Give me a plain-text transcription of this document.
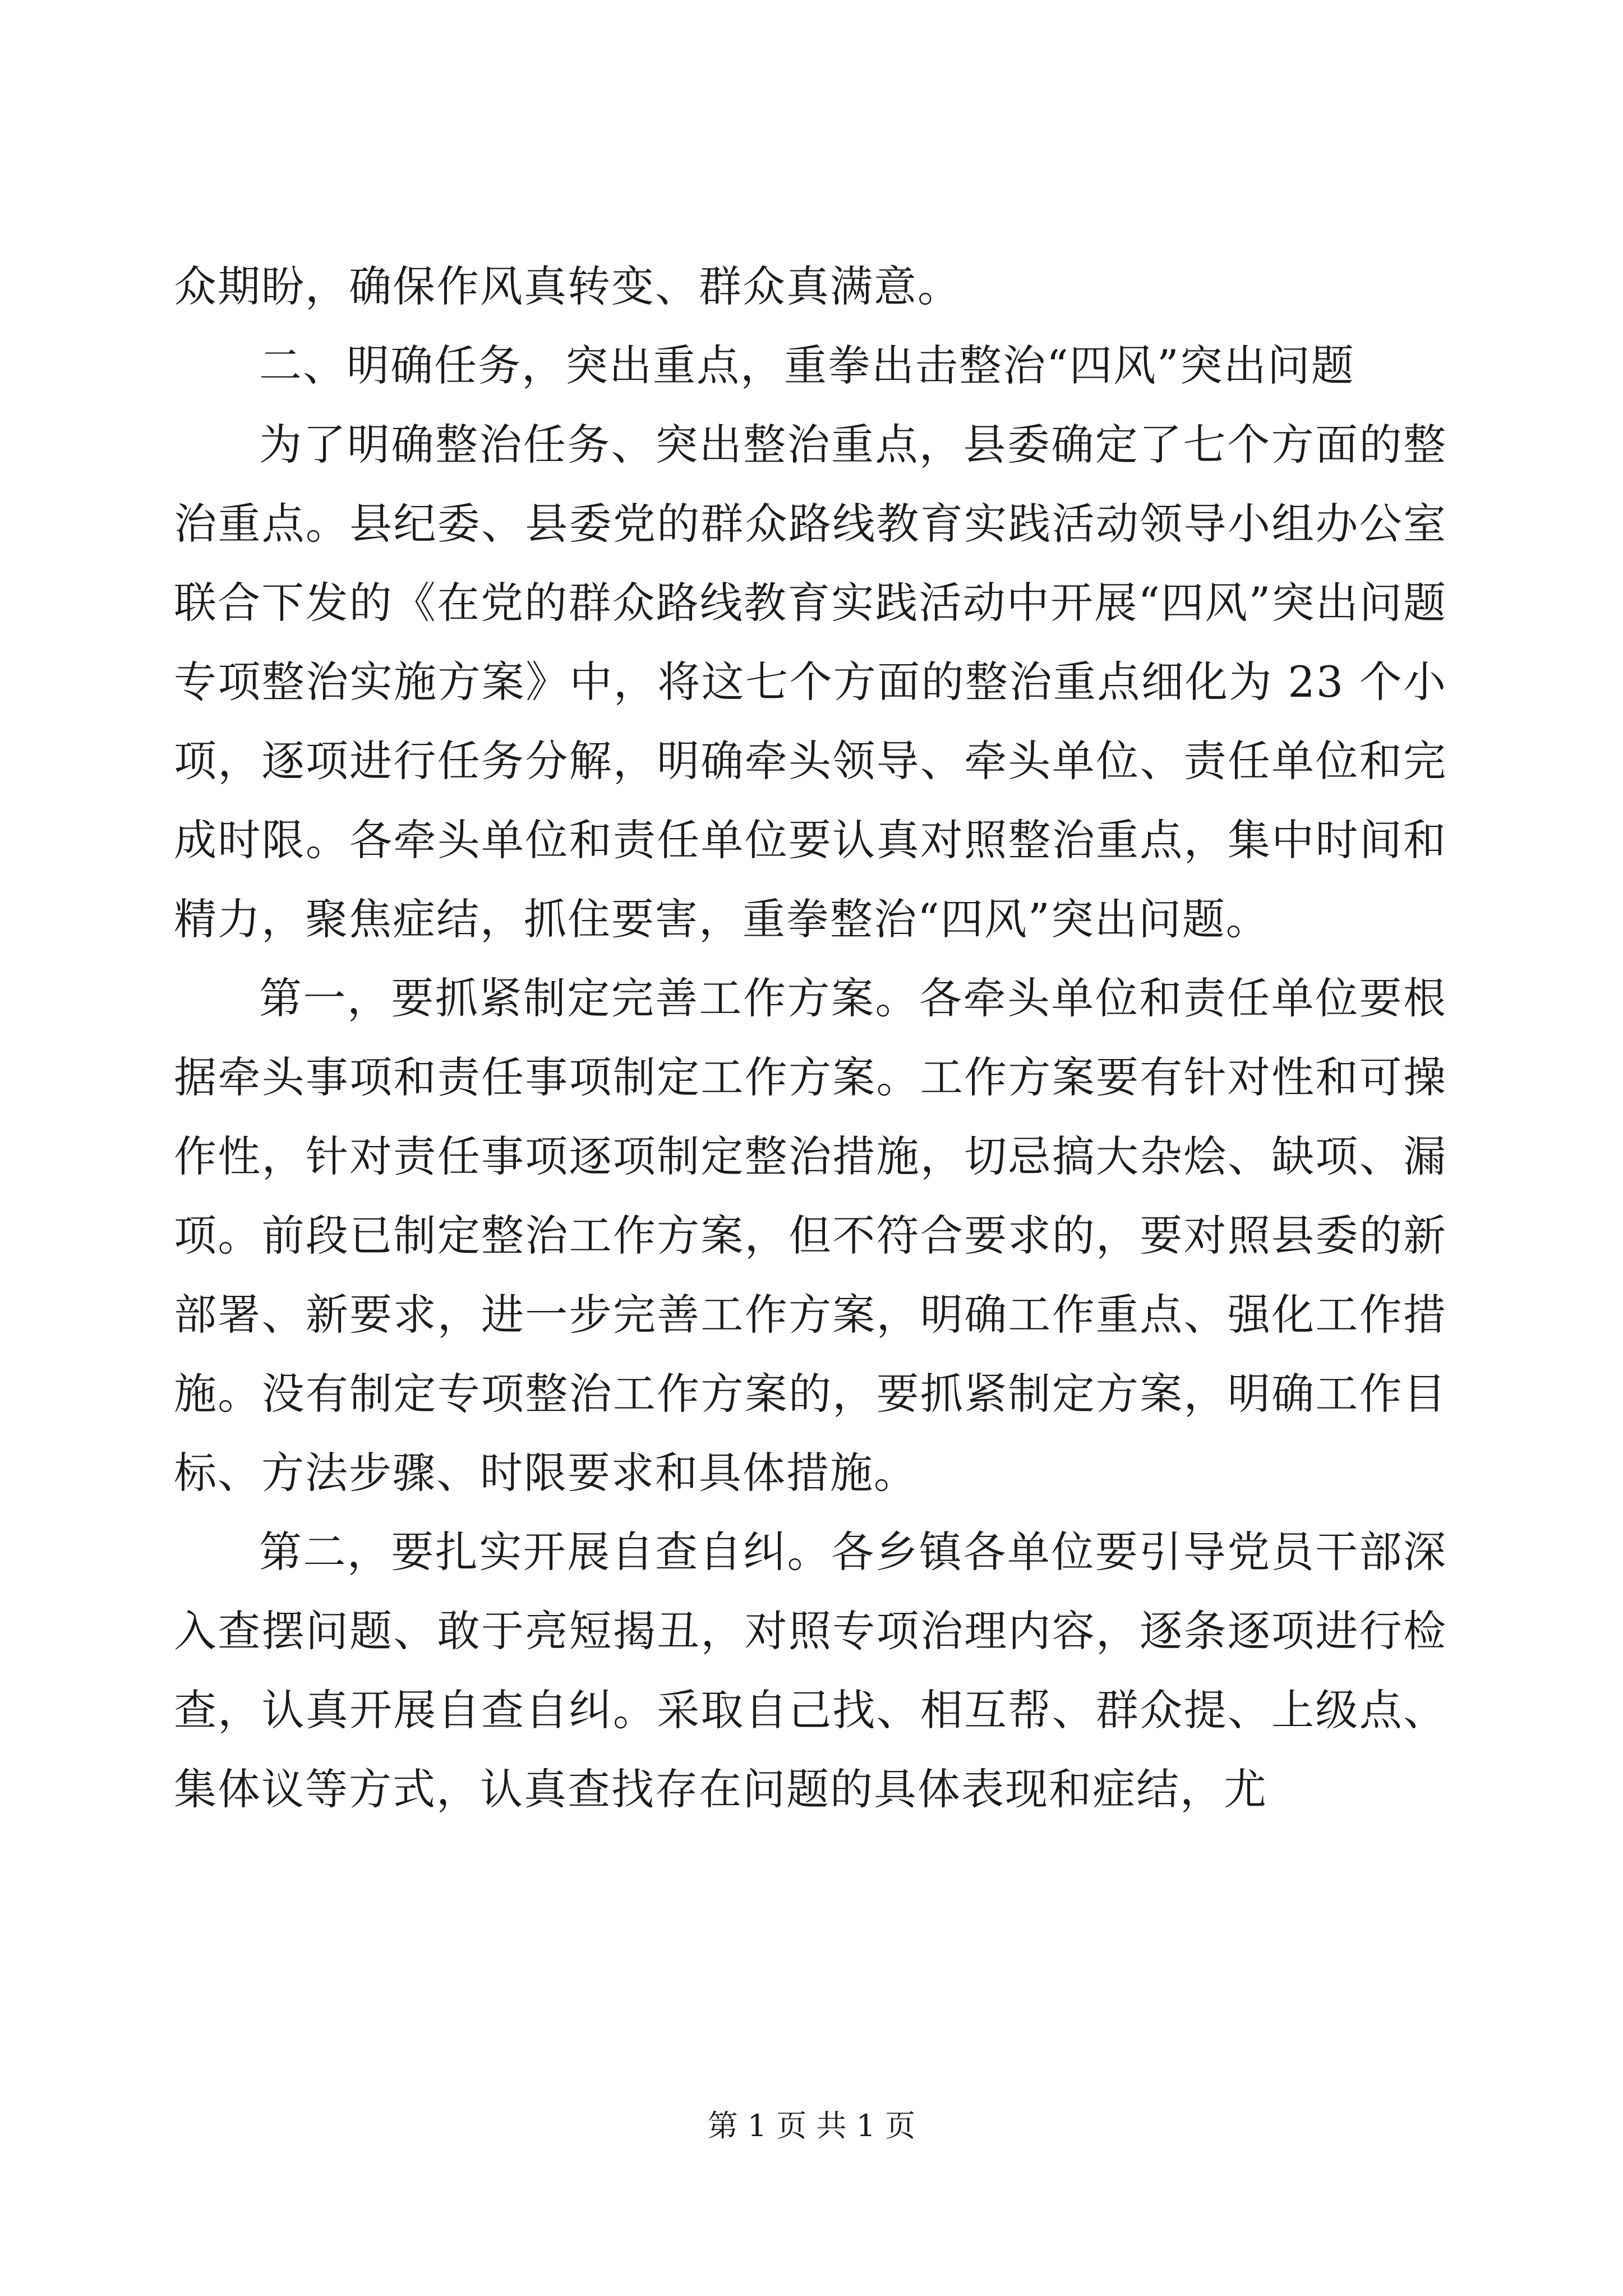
众期盼，确保作风真转变、群众真满意。

二、明确任务，突出重点，重拳出击整治“四风”突出问题

为了明确整治任务、突出整治重点，县委确定了七个方面的整治重点。县纪委、县委党的群众路线教育实践活动领导小组办公室联合下发的《在党的群众路线教育实践活动中开展“四风”突出问题专项整治实施方案》中，将这七个方面的整治重点细化为 23 个小项，逐项进行任务分解，明确牵头领导、牵头单位、责任单位和完成时限。各牵头单位和责任单位要认真对照整治重点，集中时间和精力，聚焦症结，抓住要害，重拳整治“四风”突出问题。

第一，要抓紧制定完善工作方案。各牵头单位和责任单位要根据牵头事项和责任事项制定工作方案。工作方案要有针对性和可操作性，针对责任事项逐项制定整治措施，切忌搞大杂烩、缺项、漏项。前段已制定整治工作方案，但不符合要求的，要对照县委的新部署、新要求，进一步完善工作方案，明确工作重点、强化工作措施。没有制定专项整治工作方案的，要抓紧制定方案，明确工作目标、方法步骤、时限要求和具体措施。

第二，要扎实开展自查自纠。各乡镇各单位要引导党员干部深入查摆问题、敢于亮短揭丑，对照专项治理内容，逐条逐项进行检查，认真开展自查自纠。采取自己找、相互帮、群众提、上级点、集体议等方式，认真查找存在问题的具体表现和症结，尤

第 1 页 共 1 页
